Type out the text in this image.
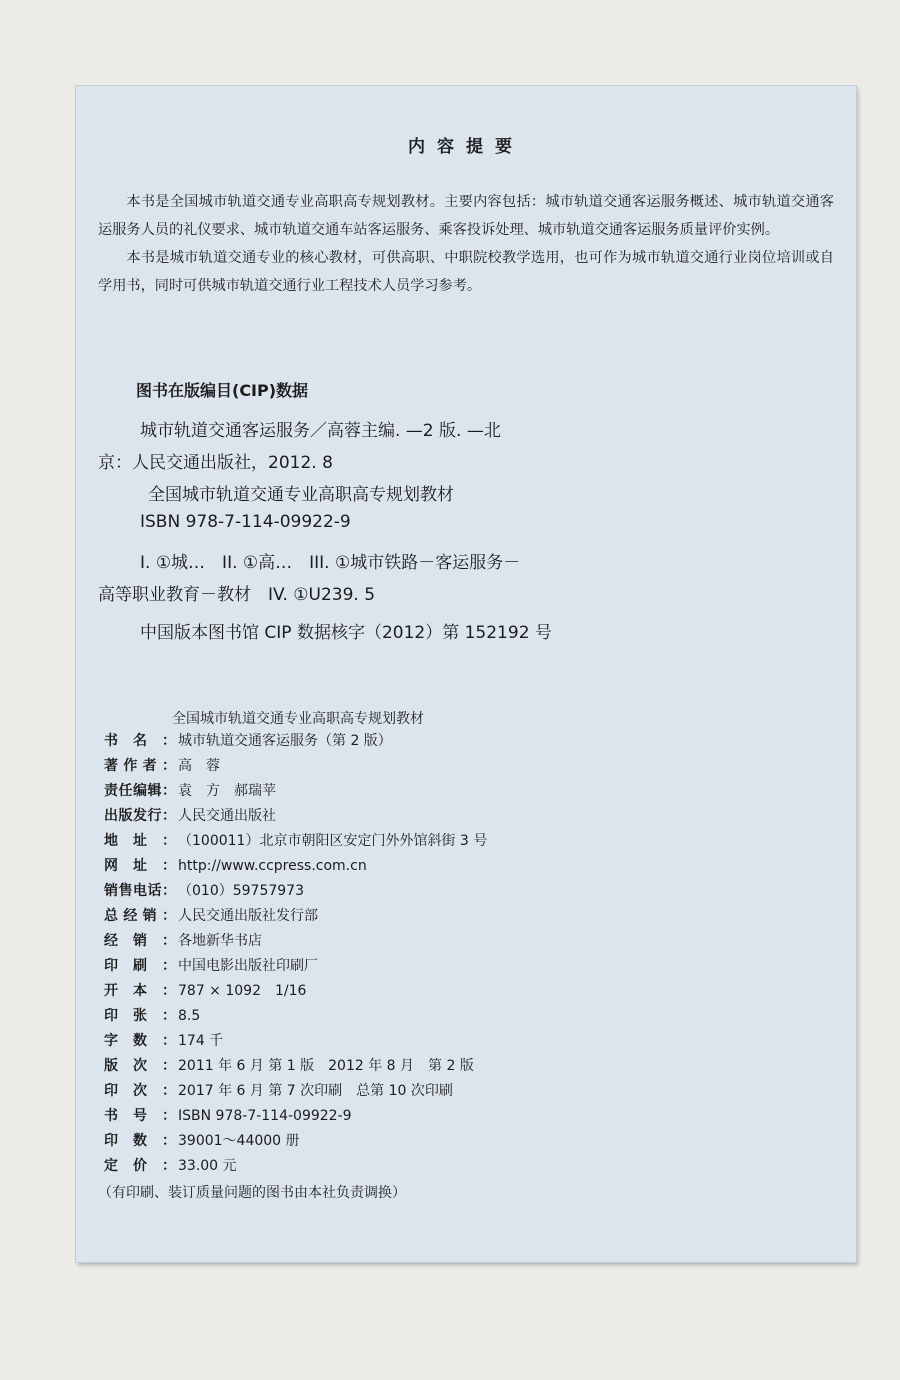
内容提要

本书是全国城市轨道交通专业高职高专规划教材。主要内容包括：城市轨道交通客运服务概述、城市轨道交通客运服务人员的礼仪要求、城市轨道交通车站客运服务、乘客投诉处理、城市轨道交通客运服务质量评价实例。

本书是城市轨道交通专业的核心教材，可供高职、中职院校教学选用，也可作为城市轨道交通行业岗位培训或自学用书，同时可供城市轨道交通行业工程技术人员学习参考。

图书在版编目(CIP)数据
城市轨道交通客运服务／高蓉主编. —2 版. —北
京：人民交通出版社，2012. 8
全国城市轨道交通专业高职高专规划教材
ISBN 978-7-114-09922-9
I. ①城…　II. ①高…　III. ①城市铁路－客运服务－
高等职业教育－教材　IV. ①U239. 5
中国版本图书馆 CIP 数据核字（2012）第 152192 号
全国城市轨道交通专业高职高专规划教材
书名： 城市轨道交通客运服务（第 2 版）
著作者： 高　蓉
责任编辑： 袁　方　郝瑞苹
出版发行： 人民交通出版社
地址： （100011）北京市朝阳区安定门外外馆斜街 3 号
网址： http://www.ccpress.com.cn
销售电话： （010）59757973
总经销： 人民交通出版社发行部
经销： 各地新华书店
印刷： 中国电影出版社印刷厂
开本： 787 × 1092　1/16
印张： 8.5
字数： 174 千
版次： 2011 年 6 月 第 1 版　2012 年 8 月　第 2 版
印次： 2017 年 6 月 第 7 次印刷　总第 10 次印刷
书号： ISBN 978-7-114-09922-9
印数： 39001～44000 册
定价： 33.00 元
（有印刷、装订质量问题的图书由本社负责调换）
